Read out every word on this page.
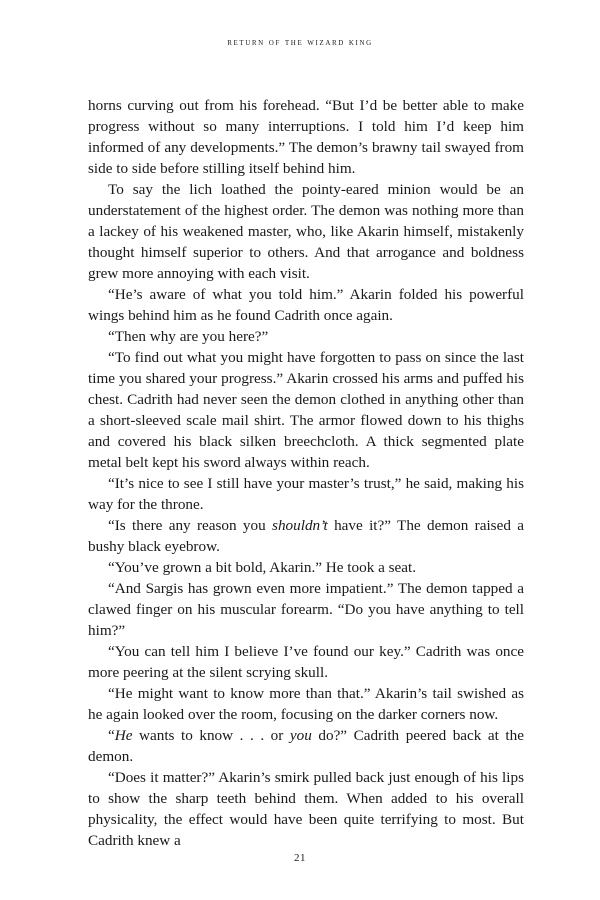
return of the wizard king

horns curving out from his forehead. “But I’d be better able to make progress without so many interruptions. I told him I’d keep him informed of any developments.” The demon’s brawny tail swayed from side to side before stilling itself behind him.

To say the lich loathed the pointy-eared minion would be an understatement of the highest order. The demon was nothing more than a lackey of his weakened master, who, like Akarin himself, mistakenly thought himself superior to others. And that arrogance and boldness grew more annoying with each visit.

“He’s aware of what you told him.” Akarin folded his powerful wings behind him as he found Cadrith once again.

“Then why are you here?”

“To find out what you might have forgotten to pass on since the last time you shared your progress.” Akarin crossed his arms and puffed his chest. Cadrith had never seen the demon clothed in anything other than a short-sleeved scale mail shirt. The armor flowed down to his thighs and covered his black silken breechcloth. A thick segmented plate metal belt kept his sword always within reach.

“It’s nice to see I still have your master’s trust,” he said, making his way for the throne.

“Is there any reason you shouldn’t have it?” The demon raised a bushy black eyebrow.

“You’ve grown a bit bold, Akarin.” He took a seat.

“And Sargis has grown even more impatient.” The demon tapped a clawed finger on his muscular forearm. “Do you have anything to tell him?”

“You can tell him I believe I’ve found our key.” Cadrith was once more peering at the silent scrying skull.

“He might want to know more than that.” Akarin’s tail swished as he again looked over the room, focusing on the darker corners now.

“He wants to know . . . or you do?” Cadrith peered back at the demon.

“Does it matter?” Akarin’s smirk pulled back just enough of his lips to show the sharp teeth behind them. When added to his overall physicality, the effect would have been quite terrifying to most. But Cadrith knew a

21
